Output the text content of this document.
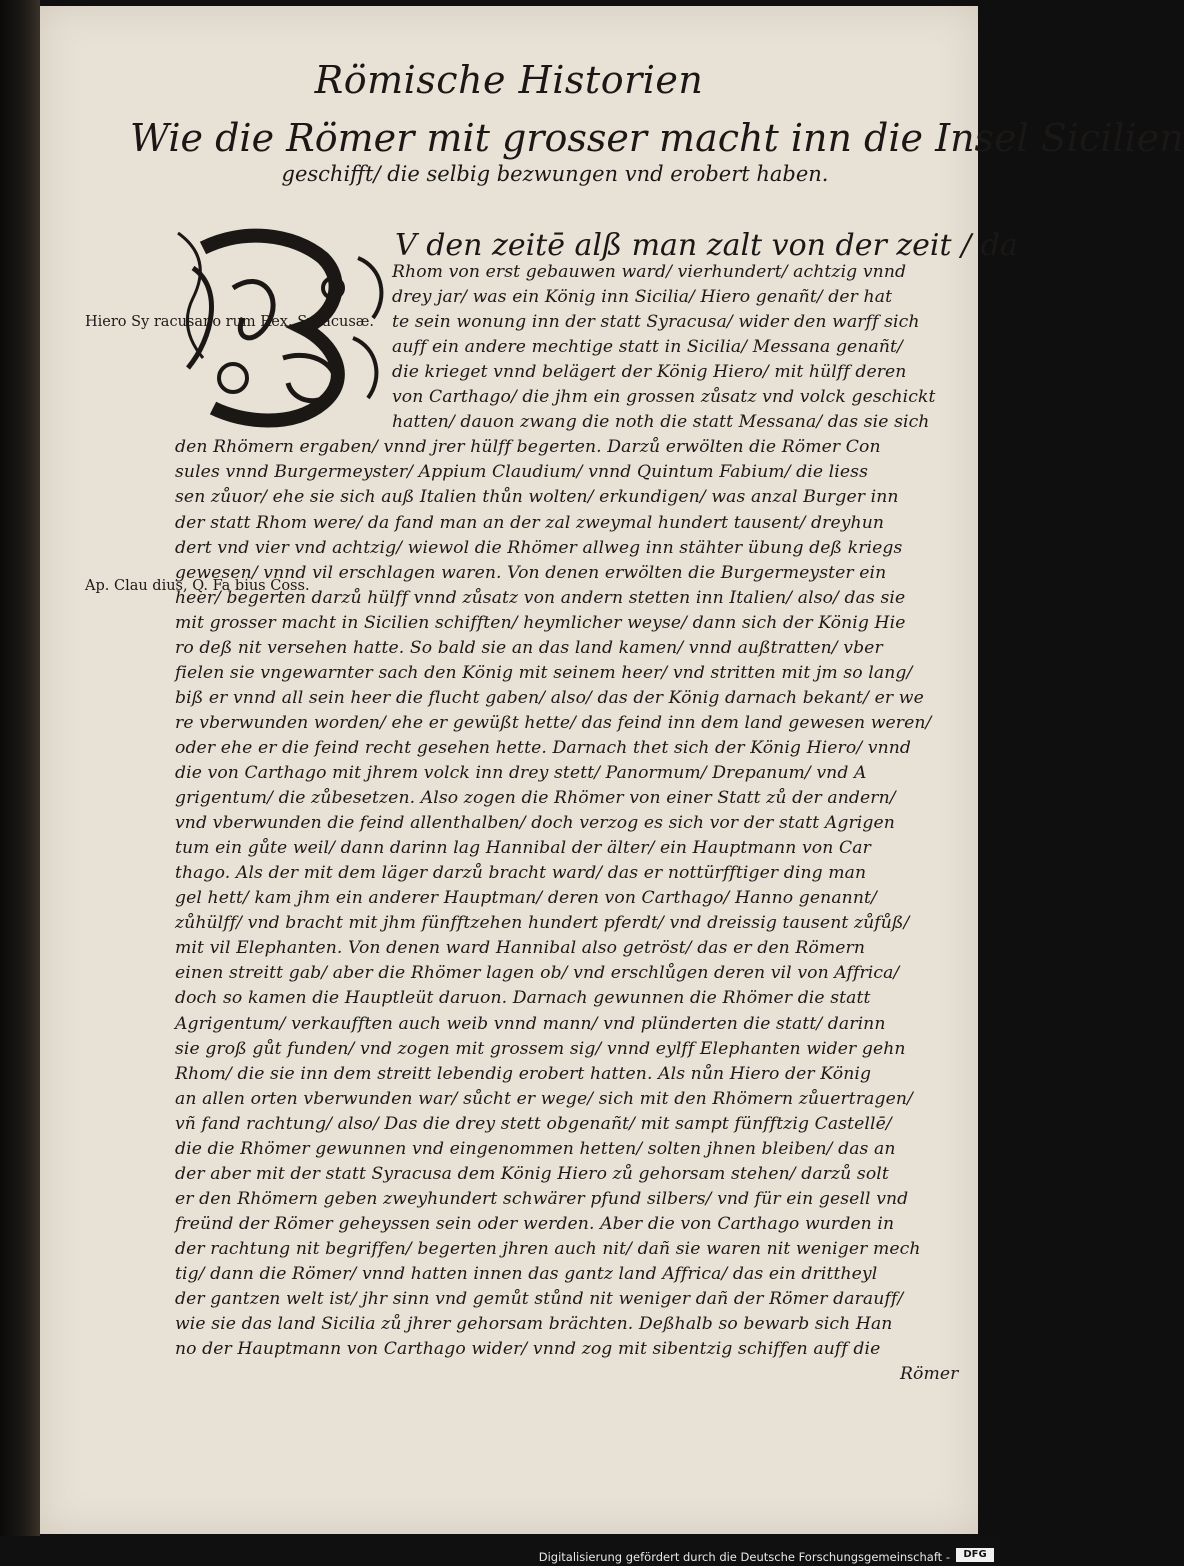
Römische Historien
Wie die Römer mit grosser macht inn die Insel Sicilien
geschifft/ die selbig bezwungen vnd erobert haben.
V den zeitē alß man zalt von der zeit / da
Hiero Sy racusano rum Rex. Syracusæ.
Ap. Clau dius, Q. Fa bius Coss.
Rhom von erst gebauwen ward/ vierhundert/ achtzig vnnd
drey jar/ was ein König inn Sicilia/ Hiero genañt/ der hat
te sein wonung inn der statt Syracusa/ wider den warff sich
auff ein andere mechtige statt in Sicilia/ Messana genañt/
die krieget vnnd belägert der König Hiero/ mit hülff deren
von Carthago/ die jhm ein grossen zůsatz vnd volck geschickt
hatten/ dauon zwang die noth die statt Messana/ das sie sich
den Rhömern ergaben/ vnnd jrer hülff begerten. Darzů erwölten die Römer Con
sules vnnd Burgermeyster/ Appium Claudium/ vnnd Quintum Fabium/ die liess
sen zůuor/ ehe sie sich auß Italien thůn wolten/ erkundigen/ was anzal Burger inn
der statt Rhom were/ da fand man an der zal zweymal hundert tausent/ dreyhun
dert vnd vier vnd achtzig/ wiewol die Rhömer allweg inn stähter übung deß kriegs
gewesen/ vnnd vil erschlagen waren. Von denen erwölten die Burgermeyster ein
heer/ begerten darzů hülff vnnd zůsatz von andern stetten inn Italien/ also/ das sie
mit grosser macht in Sicilien schifften/ heymlicher weyse/ dann sich der König Hie
ro deß nit versehen hatte. So bald sie an das land kamen/ vnnd außtratten/ vber
fielen sie vngewarnter sach den König mit seinem heer/ vnd stritten mit jm so lang/
biß er vnnd all sein heer die flucht gaben/ also/ das der König darnach bekant/ er we
re vberwunden worden/ ehe er gewüßt hette/ das feind inn dem land gewesen weren/
oder ehe er die feind recht gesehen hette. Darnach thet sich der König Hiero/ vnnd
die von Carthago mit jhrem volck inn drey stett/ Panormum/ Drepanum/ vnd A
grigentum/ die zůbesetzen. Also zogen die Rhömer von einer Statt zů der andern/
vnd vberwunden die feind allenthalben/ doch verzog es sich vor der statt Agrigen
tum ein gůte weil/ dann darinn lag Hannibal der älter/ ein Hauptmann von Car
thago. Als der mit dem läger darzů bracht ward/ das er nottürfftiger ding man
gel hett/ kam jhm ein anderer Hauptman/ deren von Carthago/ Hanno genannt/
zůhülff/ vnd bracht mit jhm fünfftzehen hundert pferdt/ vnd dreissig tausent zůfůß/
mit vil Elephanten. Von denen ward Hannibal also getröst/ das er den Römern
einen streitt gab/ aber die Rhömer lagen ob/ vnd erschlůgen deren vil von Affrica/
doch so kamen die Hauptleüt daruon. Darnach gewunnen die Rhömer die statt
Agrigentum/ verkaufften auch weib vnnd mann/ vnd plünderten die statt/ darinn
sie groß gůt funden/ vnd zogen mit grossem sig/ vnnd eylff Elephanten wider gehn
Rhom/ die sie inn dem streitt lebendig erobert hatten. Als nůn Hiero der König
an allen orten vberwunden war/ sůcht er wege/ sich mit den Rhömern zůuertragen/
vñ fand rachtung/ also/ Das die drey stett obgenañt/ mit sampt fünfftzig Castellē/
die die Rhömer gewunnen vnd eingenommen hetten/ solten jhnen bleiben/ das an
der aber mit der statt Syracusa dem König Hiero zů gehorsam stehen/ darzů solt
er den Rhömern geben zweyhundert schwärer pfund silbers/ vnd für ein gesell vnd
freünd der Römer geheyssen sein oder werden. Aber die von Carthago wurden in
der rachtung nit begriffen/ begerten jhren auch nit/ dañ sie waren nit weniger mech
tig/ dann die Römer/ vnnd hatten innen das gantz land Affrica/ das ein drittheyl
der gantzen welt ist/ jhr sinn vnd gemůt stůnd nit weniger dañ der Römer darauff/
wie sie das land Sicilia zů jhrer gehorsam brächten. Deßhalb so bewarb sich Han
no der Hauptmann von Carthago wider/ vnnd zog mit sibentzig schiffen auff die
Römer
Digitalisierung gefördert durch die Deutsche Forschungsgemeinschaft -	DFG
